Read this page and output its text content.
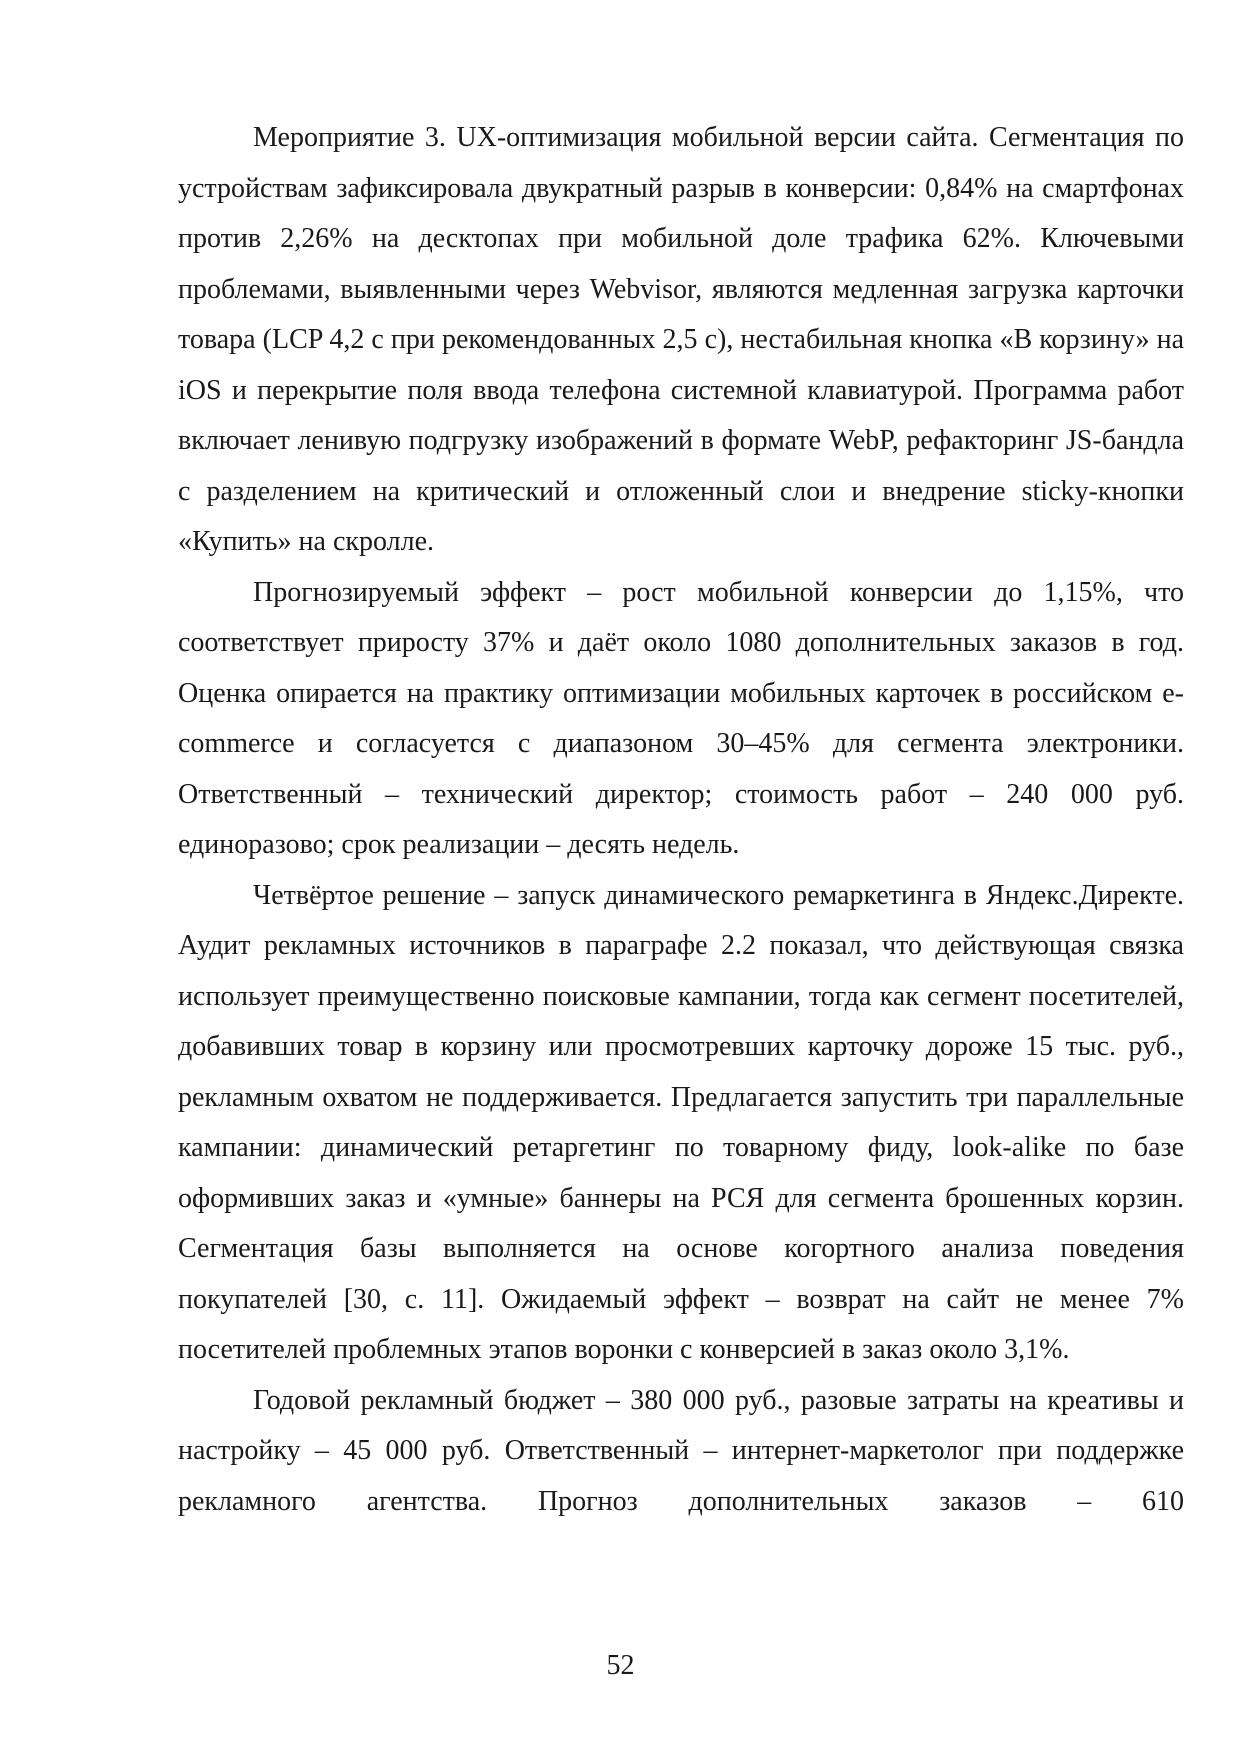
Мероприятие 3. UX-оптимизация мобильной версии сайта. Сегментация по устройствам зафиксировала двукратный разрыв в конверсии: 0,84% на смартфонах против 2,26% на десктопах при мобильной доле трафика 62%. Ключевыми проблемами, выявленными через Webvisor, являются медленная загрузка карточки товара (LCP 4,2 с при рекомендованных 2,5 с), нестабильная кнопка «В корзину» на iOS и перекрытие поля ввода телефона системной клавиатурой. Программа работ включает ленивую подгрузку изображений в формате WebP, рефакторинг JS-бандла с разделением на критический и отложенный слои и внедрение sticky-кнопки «Купить» на скролле.

Прогнозируемый эффект – рост мобильной конверсии до 1,15%, что соответствует приросту 37% и даёт около 1080 дополнительных заказов в год. Оценка опирается на практику оптимизации мобильных карточек в российском e-commerce и согласуется с диапазоном 30–45% для сегмента электроники. Ответственный – технический директор; стоимость работ – 240 000 руб. единоразово; срок реализации – десять недель.

Четвёртое решение – запуск динамического ремаркетинга в Яндекс.Директе. Аудит рекламных источников в параграфе 2.2 показал, что действующая связка использует преимущественно поисковые кампании, тогда как сегмент посетителей, добавивших товар в корзину или просмотревших карточку дороже 15 тыс. руб., рекламным охватом не поддерживается. Предлагается запустить три параллельные кампании: динамический ретаргетинг по товарному фиду, look-alike по базе оформивших заказ и «умные» баннеры на РСЯ для сегмента брошенных корзин. Сегментация базы выполняется на основе когортного анализа поведения покупателей [30, с. 11]. Ожидаемый эффект – возврат на сайт не менее 7% посетителей проблемных этапов воронки с конверсией в заказ около 3,1%.

Годовой рекламный бюджет – 380 000 руб., разовые затраты на креативы и настройку – 45 000 руб. Ответственный – интернет-маркетолог при поддержке рекламного агентства. Прогноз дополнительных заказов – 610

52
